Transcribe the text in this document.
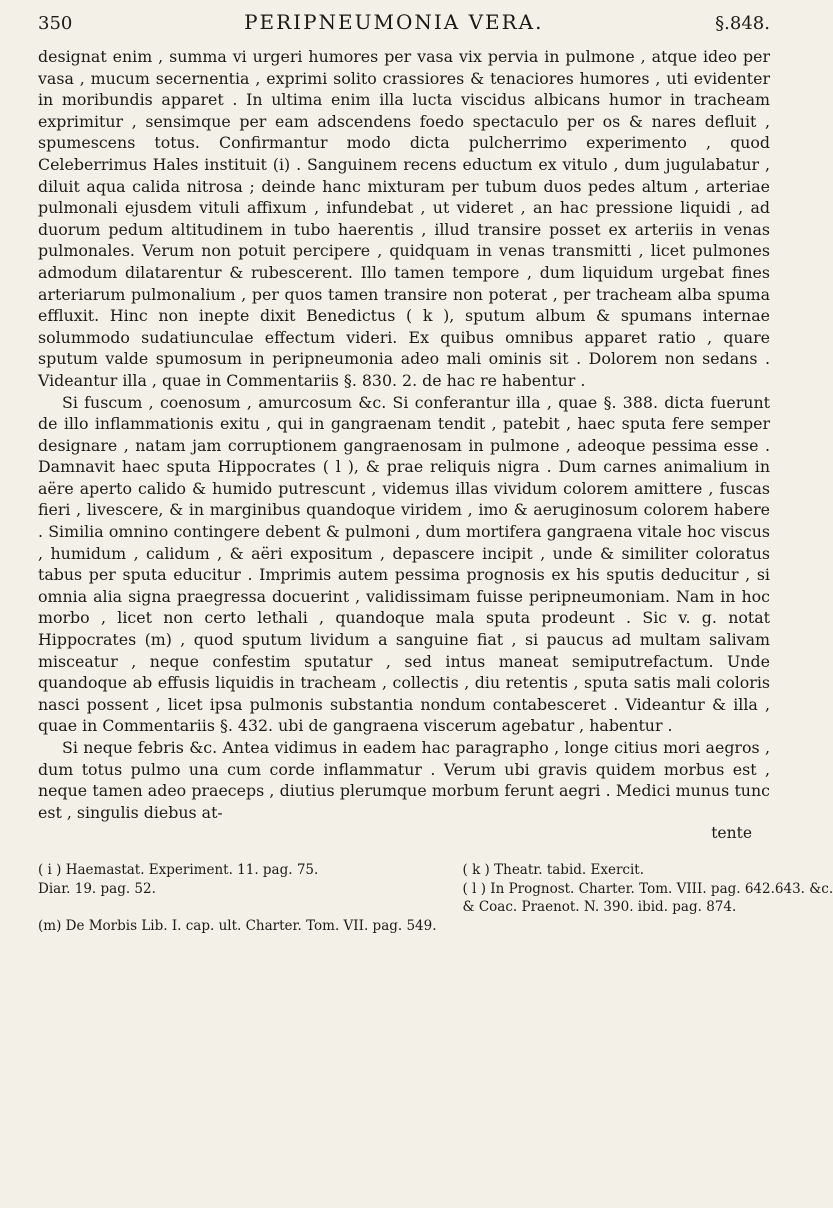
350	PERIPNEUMONIA VERA.	§.848.

designat enim , summa vi urgeri humores per vasa vix pervia in pulmone , atque ideo per vasa , mucum secernentia , exprimi solito crassiores & tenaciores humores , uti evidenter in moribundis apparet . In ultima enim illa lucta viscidus albicans humor in tracheam exprimitur , sensimque per eam adscendens foedo spectaculo per os & nares defluit , spumescens totus. Confirmantur modo dicta pulcherrimo experimento , quod Celeberrimus Hales instituit (i) . Sanguinem recens eductum ex vitulo , dum jugulabatur , diluit aqua calida nitrosa ; deinde hanc mixturam per tubum duos pedes altum , arteriae pulmonali ejusdem vituli affixum , infundebat , ut videret , an hac pressione liquidi , ad duorum pedum altitudinem in tubo haerentis , illud transire posset ex arteriis in venas pulmonales. Verum non potuit percipere , quidquam in venas transmitti , licet pulmones admodum dilatarentur & rubescerent. Illo tamen tempore , dum liquidum urgebat fines arteriarum pulmonalium , per quos tamen transire non poterat , per tracheam alba spuma effluxit. Hinc non inepte dixit Benedictus ( k ), sputum album & spumans internae solummodo sudatiunculae effectum videri. Ex quibus omnibus apparet ratio , quare sputum valde spumosum in peripneumonia adeo mali ominis sit . Dolorem non sedans . Videantur illa , quae in Commentariis §. 830. 2. de hac re habentur .

Si fuscum , coenosum , amurcosum &c. Si conferantur illa , quae §. 388. dicta fuerunt de illo inflammationis exitu , qui in gangraenam tendit , patebit , haec sputa fere semper designare , natam jam corruptionem gangraenosam in pulmone , adeoque pessima esse . Damnavit haec sputa Hippocrates ( l ), & prae reliquis nigra . Dum carnes animalium in aëre aperto calido & humido putrescunt , videmus illas vividum colorem amittere , fuscas fieri , livescere, & in marginibus quandoque viridem , imo & aeruginosum colorem habere . Similia omnino contingere debent & pulmoni , dum mortifera gangraena vitale hoc viscus , humidum , calidum , & aëri expositum , depascere incipit , unde & similiter coloratus tabus per sputa educitur . Imprimis autem pessima prognosis ex his sputis deducitur , si omnia alia signa praegressa docuerint , validissimam fuisse peripneumoniam. Nam in hoc morbo , licet non certo lethali , quandoque mala sputa prodeunt . Sic v. g. notat Hippocrates (m) , quod sputum lividum a sanguine fiat , si paucus ad multam salivam misceatur , neque confestim sputatur , sed intus maneat semiputrefactum. Unde quandoque ab effusis liquidis in tracheam , collectis , diu retentis , sputa satis mali coloris nasci possent , licet ipsa pulmonis substantia nondum contabesceret . Videantur & illa , quae in Commentariis §. 432. ubi de gangraena viscerum agebatur , habentur .

Si neque febris &c. Antea vidimus in eadem hac paragrapho , longe citius mori aegros , dum totus pulmo una cum corde inflammatur . Verum ubi gravis quidem morbus est , neque tamen adeo praeceps , diutius plerumque morbum ferunt aegri . Medici munus tunc est , singulis diebus at-

tente
( i ) Haemastat. Experiment. 11. pag. 75.	( k ) Theatr. tabid. Exercit.
Diar. 19. pag. 52.	( l ) In Prognost. Charter. Tom. VIII. pag. 642.643. &c.
& Coac. Praenot. N. 390. ibid. pag. 874.
(m) De Morbis Lib. I. cap. ult. Charter. Tom. VII. pag. 549.
